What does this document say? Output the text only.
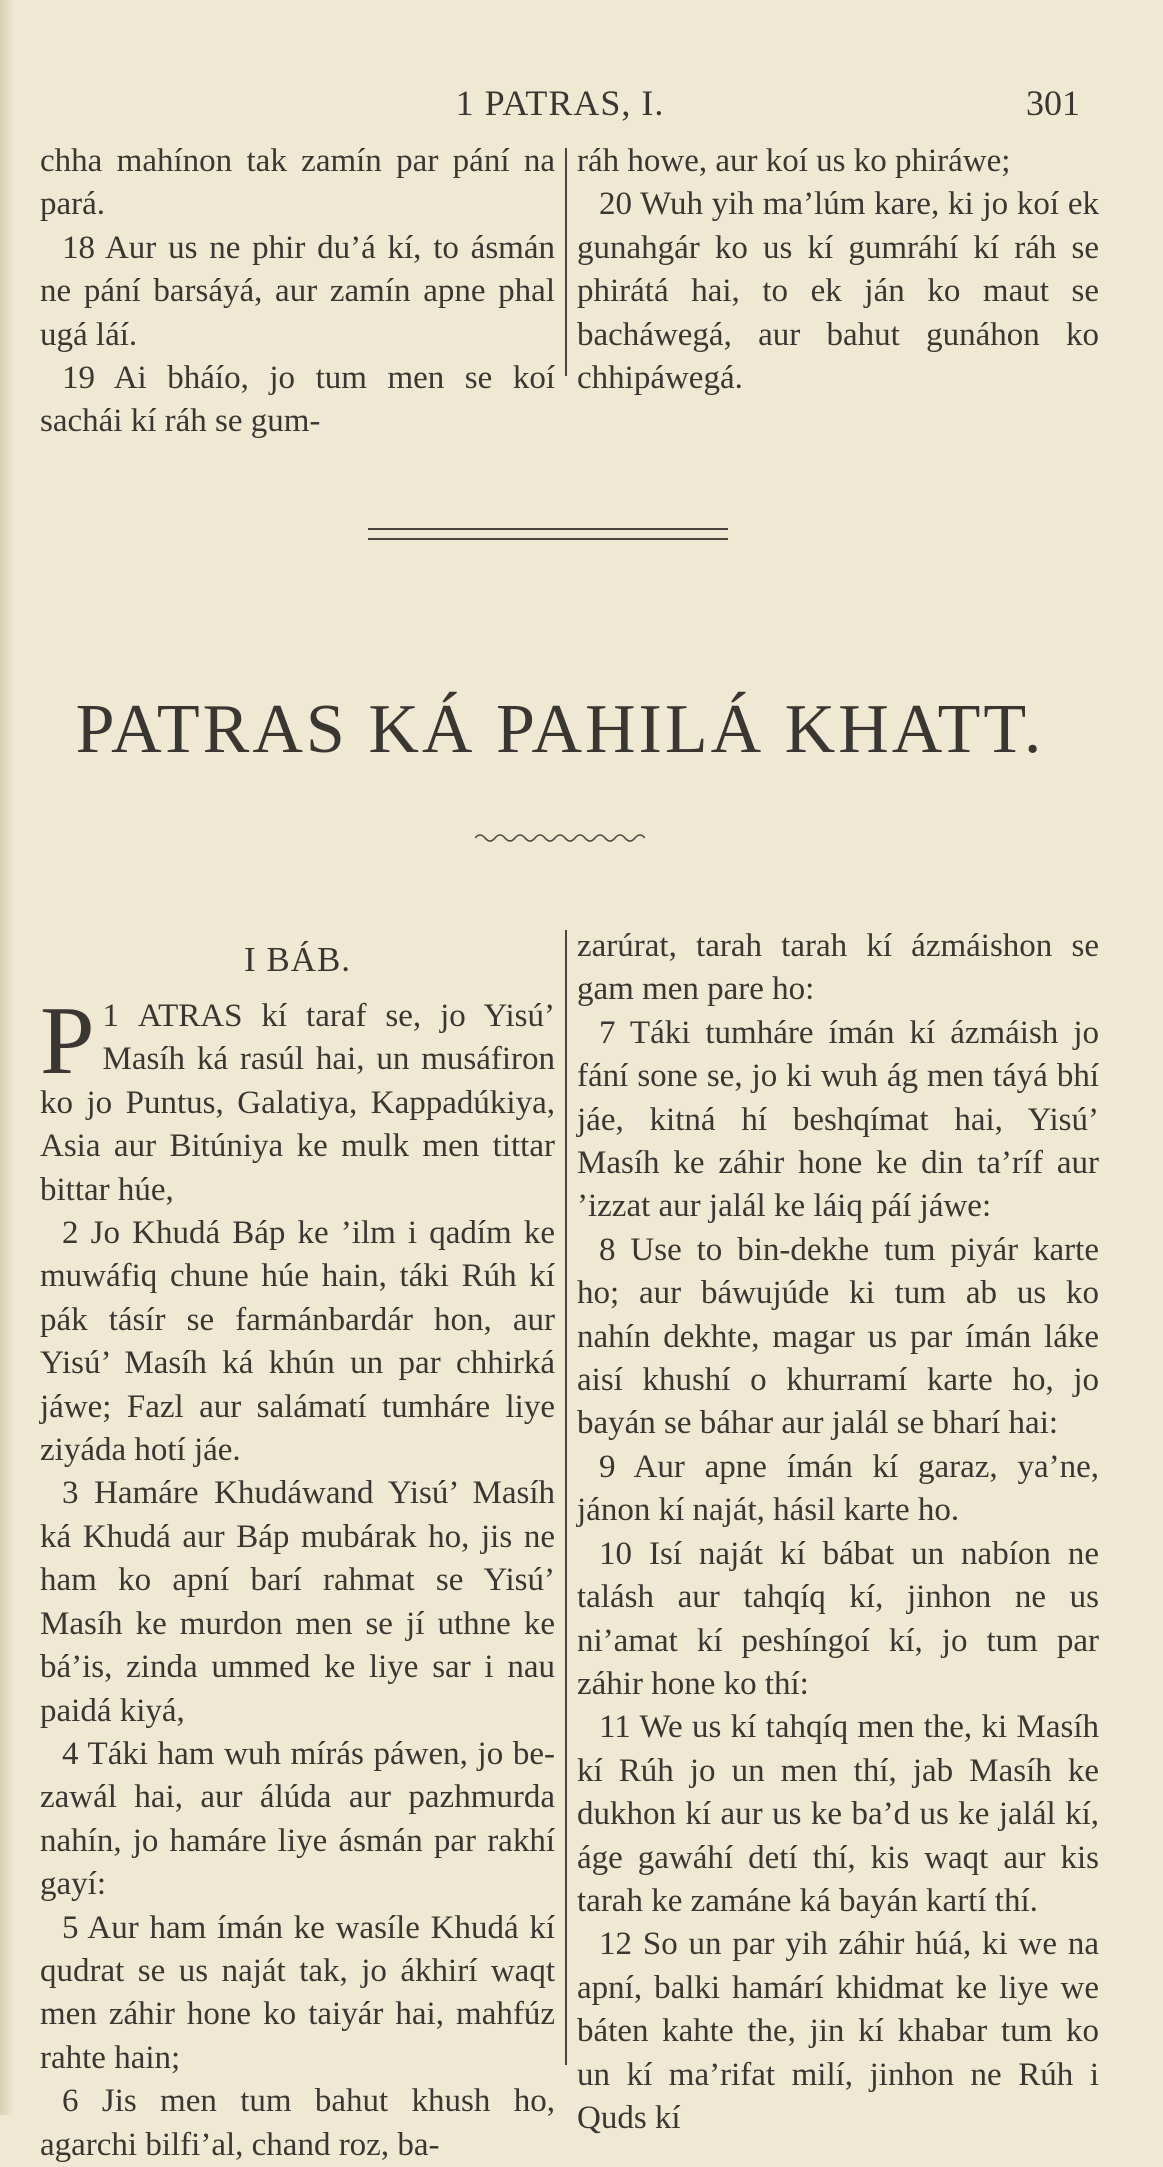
1 PATRAS, I.	301

chha mahínon tak zamín par pání na pará.

18 Aur us ne phir du’á kí, to ásmán ne pání barsáyá, aur zamín apne phal ugá láí.

19 Ai bháío, jo tum men se koí sachái kí ráh se gum-

ráh howe, aur koí us ko phiráwe;

20 Wuh yih ma’lúm kare, ki jo koí ek gunahgár ko us kí gumráhí kí ráh se phirátá hai, to ek ján ko maut se bacháwegá, aur bahut gunáhon ko chhipáwegá.

PATRAS KÁ PAHILÁ KHATT.
I BÁB.

1
P ATRAS kí taraf se, jo Yisú’ Masíh ká rasúl hai, un musáfiron ko jo Puntus, Galatiya, Kappadúkiya, Asia aur Bitúniya ke mulk men tittar bittar húe,

2 Jo Khudá Báp ke ’ilm i qadím ke muwáfiq chune húe hain, táki Rúh kí pák tásír se farmánbardár hon, aur Yisú’ Masíh ká khún un par chhirká jáwe; Fazl aur salámatí tumháre liye ziyáda hotí jáe.

3 Hamáre Khudáwand Yisú’ Masíh ká Khudá aur Báp mubárak ho, jis ne ham ko apní barí rahmat se Yisú’ Masíh ke murdon men se jí uthne ke bá’is, zinda ummed ke liye sar i nau paidá kiyá,

4 Táki ham wuh mírás páwen, jo be-zawál hai, aur álúda aur pazhmurda nahín, jo hamáre liye ásmán par rakhí gayí:

5 Aur ham ímán ke wasíle Khudá kí qudrat se us naját tak, jo ákhirí waqt men záhir hone ko taiyár hai, mahfúz rahte hain;

6 Jis men tum bahut khush ho, agarchi bilfi’al, chand roz, ba-

zarúrat, tarah tarah kí ázmáishon se gam men pare ho:

7 Táki tumháre ímán kí ázmáish jo fání sone se, jo ki wuh ág men táyá bhí jáe, kitná hí beshqímat hai, Yisú’ Masíh ke záhir hone ke din ta’ríf aur ’izzat aur jalál ke láiq páí jáwe:

8 Use to bin-dekhe tum piyár karte ho; aur báwujúde ki tum ab us ko nahín dekhte, magar us par ímán láke aisí khushí o khurramí karte ho, jo bayán se báhar aur jalál se bharí hai:

9 Aur apne ímán kí garaz, ya’ne, jánon kí naját, hásil karte ho.

10 Isí naját kí bábat un nabíon ne talásh aur tahqíq kí, jinhon ne us ni’amat kí peshíngoí kí, jo tum par záhir hone ko thí:

11 We us kí tahqíq men the, ki Masíh kí Rúh jo un men thí, jab Masíh ke dukhon kí aur us ke ba’d us ke jalál kí, áge gawáhí detí thí, kis waqt aur kis tarah ke zamáne ká bayán kartí thí.

12 So un par yih záhir húá, ki we na apní, balki hamárí khidmat ke liye we báten kahte the, jin kí khabar tum ko un kí ma’rifat milí, jinhon ne Rúh i Quds kí
